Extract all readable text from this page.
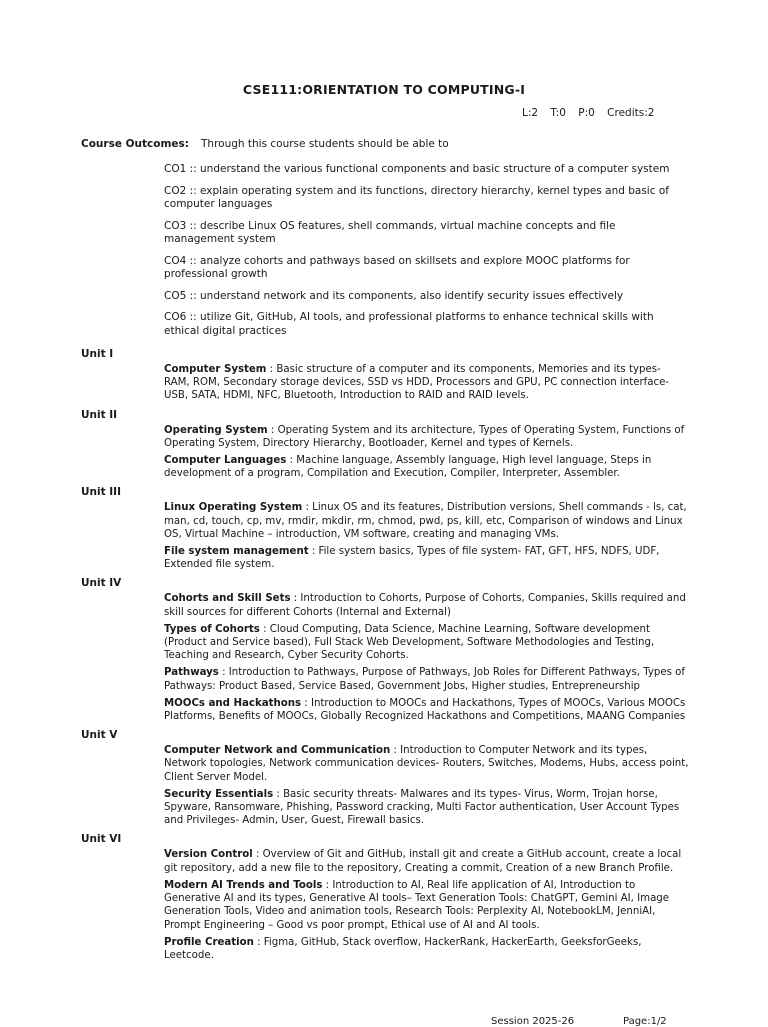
CSE111:ORIENTATION TO COMPUTING-I
L:2 T:0 P:0 Credits:2
Course Outcomes: Through this course students should be able to
CO1 :: understand the various functional components and basic structure of a computer system
CO2 :: explain operating system and its functions, directory hierarchy, kernel types and basic of computer languages
CO3 :: describe Linux OS features, shell commands, virtual machine concepts and file management system
CO4 :: analyze cohorts and pathways based on skillsets and explore MOOC platforms for professional growth
CO5 :: understand network and its components, also identify security issues effectively
CO6 :: utilize Git, GitHub, AI tools, and professional platforms to enhance technical skills with ethical digital practices
Unit I
Computer System : Basic structure of a computer and its components, Memories and its types- RAM, ROM, Secondary storage devices, SSD vs HDD, Processors and GPU, PC connection interface- USB, SATA, HDMI, NFC, Bluetooth, Introduction to RAID and RAID levels.
Unit II
Operating System : Operating System and its architecture, Types of Operating System, Functions of Operating System, Directory Hierarchy, Bootloader, Kernel and types of Kernels.
Computer Languages : Machine language, Assembly language, High level language, Steps in development of a program, Compilation and Execution, Compiler, Interpreter, Assembler.
Unit III
Linux Operating System : Linux OS and its features, Distribution versions, Shell commands - ls, cat, man, cd, touch, cp, mv, rmdir, mkdir, rm, chmod, pwd, ps, kill, etc, Comparison of windows and Linux OS, Virtual Machine – introduction, VM software, creating and managing VMs.
File system management : File system basics, Types of file system- FAT, GFT, HFS, NDFS, UDF, Extended file system.
Unit IV
Cohorts and Skill Sets : Introduction to Cohorts, Purpose of Cohorts, Companies, Skills required and skill sources for different Cohorts (Internal and External)
Types of Cohorts : Cloud Computing, Data Science, Machine Learning, Software development (Product and Service based), Full Stack Web Development, Software Methodologies and Testing, Teaching and Research, Cyber Security Cohorts.
Pathways : Introduction to Pathways, Purpose of Pathways, Job Roles for Different Pathways, Types of Pathways: Product Based, Service Based, Government Jobs, Higher studies, Entrepreneurship
MOOCs and Hackathons : Introduction to MOOCs and Hackathons, Types of MOOCs, Various MOOCs Platforms, Benefits of MOOCs, Globally Recognized Hackathons and Competitions, MAANG Companies
Unit V
Computer Network and Communication : Introduction to Computer Network and its types, Network topologies, Network communication devices- Routers, Switches, Modems, Hubs, access point, Client Server Model.
Security Essentials : Basic security threats- Malwares and its types- Virus, Worm, Trojan horse, Spyware, Ransomware, Phishing, Password cracking, Multi Factor authentication, User Account Types and Privileges- Admin, User, Guest, Firewall basics.
Unit VI
Version Control : Overview of Git and GitHub, install git and create a GitHub account, create a local git repository, add a new file to the repository, Creating a commit, Creation of a new Branch Profile.
Modern AI Trends and Tools : Introduction to AI, Real life application of AI, Introduction to Generative AI and its types, Generative AI tools– Text Generation Tools: ChatGPT, Gemini AI, Image Generation Tools, Video and animation tools, Research Tools: Perplexity AI, NotebookLM, JenniAI, Prompt Engineering – Good vs poor prompt, Ethical use of AI and AI tools.
Profile Creation : Figma, GitHub, Stack overflow, HackerRank, HackerEarth, GeeksforGeeks, Leetcode.
Session 2025-26	Page:1/2
